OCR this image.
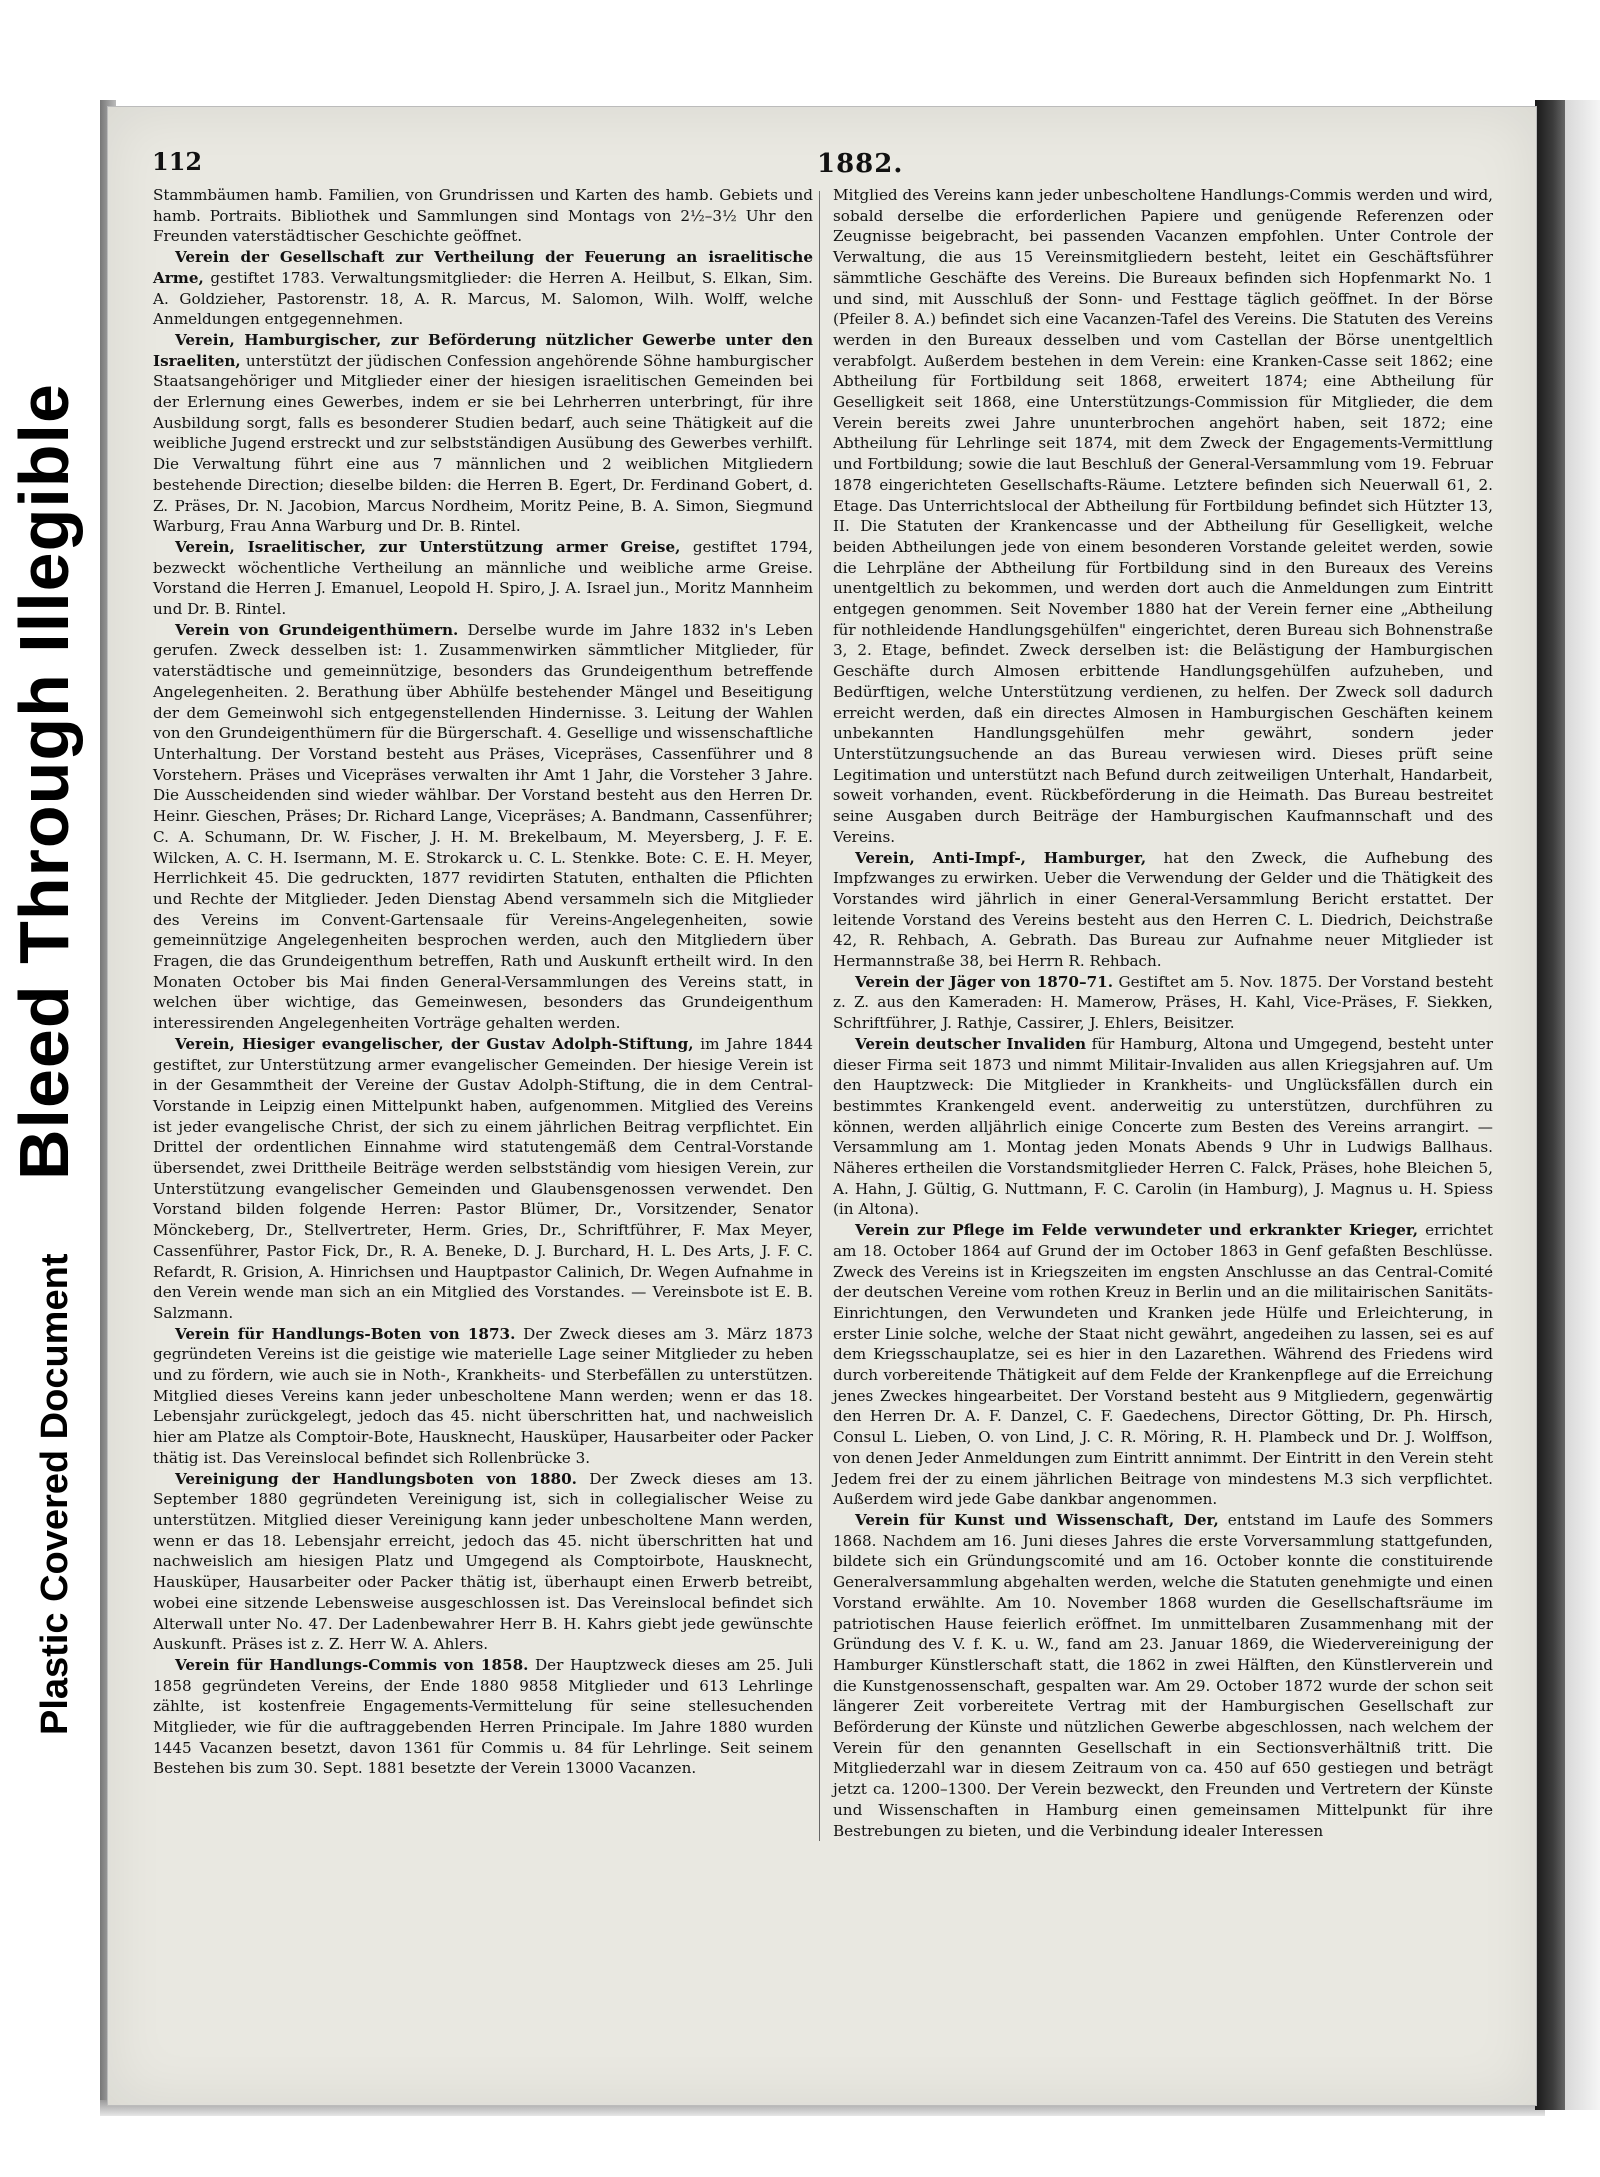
Bleed Through Illegible
Plastic Covered Document
112	1882.

Stammbäumen hamb. Familien, von Grundrissen und Karten des hamb. Gebiets und hamb. Portraits. Bibliothek und Sammlungen sind Montags von 2½–3½ Uhr den Freunden vaterstädtischer Geschichte geöffnet.

Verein der Gesellschaft zur Vertheilung der Feuerung an israelitische Arme, gestiftet 1783. Verwaltungsmitglieder: die Herren A. Heilbut, S. Elkan, Sim. A. Goldzieher, Pastorenstr. 18, A. R. Marcus, M. Salomon, Wilh. Wolff, welche Anmeldungen entgegennehmen.

Verein, Hamburgischer, zur Beförderung nützlicher Gewerbe unter den Israeliten, unterstützt der jüdischen Confession angehörende Söhne hamburgischer Staatsangehöriger und Mitglieder einer der hiesigen israelitischen Gemeinden bei der Erlernung eines Gewerbes, indem er sie bei Lehrherren unterbringt, für ihre Ausbildung sorgt, falls es besonderer Studien bedarf, auch seine Thätigkeit auf die weibliche Jugend erstreckt und zur selbstständigen Ausübung des Gewerbes verhilft. Die Verwaltung führt eine aus 7 männlichen und 2 weiblichen Mitgliedern bestehende Direction; dieselbe bilden: die Herren B. Egert, Dr. Ferdinand Gobert, d. Z. Präses, Dr. N. Jacobion, Marcus Nordheim, Moritz Peine, B. A. Simon, Siegmund Warburg, Frau Anna Warburg und Dr. B. Rintel.

Verein, Israelitischer, zur Unterstützung armer Greise, gestiftet 1794, bezweckt wöchentliche Vertheilung an männliche und weibliche arme Greise. Vorstand die Herren J. Emanuel, Leopold H. Spiro, J. A. Israel jun., Moritz Mannheim und Dr. B. Rintel.

Verein von Grundeigenthümern. Derselbe wurde im Jahre 1832 in's Leben gerufen. Zweck desselben ist: 1. Zusammenwirken sämmtlicher Mitglieder, für vaterstädtische und gemeinnützige, besonders das Grundeigenthum betreffende Angelegenheiten. 2. Berathung über Abhülfe bestehender Mängel und Beseitigung der dem Gemeinwohl sich entgegenstellenden Hindernisse. 3. Leitung der Wahlen von den Grundeigenthümern für die Bürgerschaft. 4. Gesellige und wissenschaftliche Unterhaltung. Der Vorstand besteht aus Präses, Vicepräses, Cassenführer und 8 Vorstehern. Präses und Vicepräses verwalten ihr Amt 1 Jahr, die Vorsteher 3 Jahre. Die Ausscheidenden sind wieder wählbar. Der Vorstand besteht aus den Herren Dr. Heinr. Gieschen, Präses; Dr. Richard Lange, Vicepräses; A. Bandmann, Cassenführer; C. A. Schumann, Dr. W. Fischer, J. H. M. Brekelbaum, M. Meyersberg, J. F. E. Wilcken, A. C. H. Isermann, M. E. Strokarck u. C. L. Stenkke. Bote: C. E. H. Meyer, Herrlichkeit 45. Die gedruckten, 1877 revidirten Statuten, enthalten die Pflichten und Rechte der Mitglieder. Jeden Dienstag Abend versammeln sich die Mitglieder des Vereins im Convent-Gartensaale für Vereins-Angelegenheiten, sowie gemeinnützige Angelegenheiten besprochen werden, auch den Mitgliedern über Fragen, die das Grundeigenthum betreffen, Rath und Auskunft ertheilt wird. In den Monaten October bis Mai finden General-Versammlungen des Vereins statt, in welchen über wichtige, das Gemeinwesen, besonders das Grundeigenthum interessirenden Angelegenheiten Vorträge gehalten werden.

Verein, Hiesiger evangelischer, der Gustav Adolph-Stiftung, im Jahre 1844 gestiftet, zur Unterstützung armer evangelischer Gemeinden. Der hiesige Verein ist in der Gesammtheit der Vereine der Gustav Adolph-Stiftung, die in dem Central-Vorstande in Leipzig einen Mittelpunkt haben, aufgenommen. Mitglied des Vereins ist jeder evangelische Christ, der sich zu einem jährlichen Beitrag verpflichtet. Ein Drittel der ordentlichen Einnahme wird statutengemäß dem Central-Vorstande übersendet, zwei Drittheile Beiträge werden selbstständig vom hiesigen Verein, zur Unterstützung evangelischer Gemeinden und Glaubensgenossen verwendet. Den Vorstand bilden folgende Herren: Pastor Blümer, Dr., Vorsitzender, Senator Mönckeberg, Dr., Stellvertreter, Herm. Gries, Dr., Schriftführer, F. Max Meyer, Cassenführer, Pastor Fick, Dr., R. A. Beneke, D. J. Burchard, H. L. Des Arts, J. F. C. Refardt, R. Grision, A. Hinrichsen und Hauptpastor Calinich, Dr. Wegen Aufnahme in den Verein wende man sich an ein Mitglied des Vorstandes. — Vereinsbote ist E. B. Salzmann.

Verein für Handlungs-Boten von 1873. Der Zweck dieses am 3. März 1873 gegründeten Vereins ist die geistige wie materielle Lage seiner Mitglieder zu heben und zu fördern, wie auch sie in Noth-, Krankheits- und Sterbefällen zu unterstützen. Mitglied dieses Vereins kann jeder unbescholtene Mann werden; wenn er das 18. Lebensjahr zurückgelegt, jedoch das 45. nicht überschritten hat, und nachweislich hier am Platze als Comptoir-Bote, Hausknecht, Hausküper, Hausarbeiter oder Packer thätig ist. Das Vereinslocal befindet sich Rollenbrücke 3.

Vereinigung der Handlungsboten von 1880. Der Zweck dieses am 13. September 1880 gegründeten Vereinigung ist, sich in collegialischer Weise zu unterstützen. Mitglied dieser Vereinigung kann jeder unbescholtene Mann werden, wenn er das 18. Lebensjahr erreicht, jedoch das 45. nicht überschritten hat und nachweislich am hiesigen Platz und Umgegend als Comptoirbote, Hausknecht, Hausküper, Hausarbeiter oder Packer thätig ist, überhaupt einen Erwerb betreibt, wobei eine sitzende Lebensweise ausgeschlossen ist. Das Vereinslocal befindet sich Alterwall unter No. 47. Der Ladenbewahrer Herr B. H. Kahrs giebt jede gewünschte Auskunft. Präses ist z. Z. Herr W. A. Ahlers.

Verein für Handlungs-Commis von 1858. Der Hauptzweck dieses am 25. Juli 1858 gegründeten Vereins, der Ende 1880 9858 Mitglieder und 613 Lehrlinge zählte, ist kostenfreie Engagements-Vermittelung für seine stellesuchenden Mitglieder, wie für die auftraggebenden Herren Principale. Im Jahre 1880 wurden 1445 Vacanzen besetzt, davon 1361 für Commis u. 84 für Lehrlinge. Seit seinem Bestehen bis zum 30. Sept. 1881 besetzte der Verein 13000 Vacanzen.

Mitglied des Vereins kann jeder unbescholtene Handlungs-Commis werden und wird, sobald derselbe die erforderlichen Papiere und genügende Referenzen oder Zeugnisse beigebracht, bei passenden Vacanzen empfohlen. Unter Controle der Verwaltung, die aus 15 Vereinsmitgliedern besteht, leitet ein Geschäftsführer sämmtliche Geschäfte des Vereins. Die Bureaux befinden sich Hopfenmarkt No. 1 und sind, mit Ausschluß der Sonn- und Festtage täglich geöffnet. In der Börse (Pfeiler 8. A.) befindet sich eine Vacanzen-Tafel des Vereins. Die Statuten des Vereins werden in den Bureaux desselben und vom Castellan der Börse unentgeltlich verabfolgt. Außerdem bestehen in dem Verein: eine Kranken-Casse seit 1862; eine Abtheilung für Fortbildung seit 1868, erweitert 1874; eine Abtheilung für Geselligkeit seit 1868, eine Unterstützungs-Commission für Mitglieder, die dem Verein bereits zwei Jahre ununterbrochen angehört haben, seit 1872; eine Abtheilung für Lehrlinge seit 1874, mit dem Zweck der Engagements-Vermittlung und Fortbildung; sowie die laut Beschluß der General-Versammlung vom 19. Februar 1878 eingerichteten Gesellschafts-Räume. Letztere befinden sich Neuerwall 61, 2. Etage. Das Unterrichtslocal der Abtheilung für Fortbildung befindet sich Hützter 13, II. Die Statuten der Krankencasse und der Abtheilung für Geselligkeit, welche beiden Abtheilungen jede von einem besonderen Vorstande geleitet werden, sowie die Lehrpläne der Abtheilung für Fortbildung sind in den Bureaux des Vereins unentgeltlich zu bekommen, und werden dort auch die Anmeldungen zum Eintritt entgegen genommen. Seit November 1880 hat der Verein ferner eine „Abtheilung für nothleidende Handlungsgehülfen" eingerichtet, deren Bureau sich Bohnenstraße 3, 2. Etage, befindet. Zweck derselben ist: die Belästigung der Hamburgischen Geschäfte durch Almosen erbittende Handlungsgehülfen aufzuheben, und Bedürftigen, welche Unterstützung verdienen, zu helfen. Der Zweck soll dadurch erreicht werden, daß ein directes Almosen in Hamburgischen Geschäften keinem unbekannten Handlungsgehülfen mehr gewährt, sondern jeder Unterstützungsuchende an das Bureau verwiesen wird. Dieses prüft seine Legitimation und unterstützt nach Befund durch zeitweiligen Unterhalt, Handarbeit, soweit vorhanden, event. Rückbeförderung in die Heimath. Das Bureau bestreitet seine Ausgaben durch Beiträge der Hamburgischen Kaufmannschaft und des Vereins.

Verein, Anti-Impf-, Hamburger, hat den Zweck, die Aufhebung des Impfzwanges zu erwirken. Ueber die Verwendung der Gelder und die Thätigkeit des Vorstandes wird jährlich in einer General-Versammlung Bericht erstattet. Der leitende Vorstand des Vereins besteht aus den Herren C. L. Diedrich, Deichstraße 42, R. Rehbach, A. Gebrath. Das Bureau zur Aufnahme neuer Mitglieder ist Hermannstraße 38, bei Herrn R. Rehbach.

Verein der Jäger von 1870–71. Gestiftet am 5. Nov. 1875. Der Vorstand besteht z. Z. aus den Kameraden: H. Mamerow, Präses, H. Kahl, Vice-Präses, F. Siekken, Schriftführer, J. Rathje, Cassirer, J. Ehlers, Beisitzer.

Verein deutscher Invaliden für Hamburg, Altona und Umgegend, besteht unter dieser Firma seit 1873 und nimmt Militair-Invaliden aus allen Kriegsjahren auf. Um den Hauptzweck: Die Mitglieder in Krankheits- und Unglücksfällen durch ein bestimmtes Krankengeld event. anderweitig zu unterstützen, durchführen zu können, werden alljährlich einige Concerte zum Besten des Vereins arrangirt. — Versammlung am 1. Montag jeden Monats Abends 9 Uhr in Ludwigs Ballhaus. Näheres ertheilen die Vorstandsmitglieder Herren C. Falck, Präses, hohe Bleichen 5, A. Hahn, J. Gültig, G. Nuttmann, F. C. Carolin (in Hamburg), J. Magnus u. H. Spiess (in Altona).

Verein zur Pflege im Felde verwundeter und erkrankter Krieger, errichtet am 18. October 1864 auf Grund der im October 1863 in Genf gefaßten Beschlüsse. Zweck des Vereins ist in Kriegszeiten im engsten Anschlusse an das Central-Comité der deutschen Vereine vom rothen Kreuz in Berlin und an die militairischen Sanitäts-Einrichtungen, den Verwundeten und Kranken jede Hülfe und Erleichterung, in erster Linie solche, welche der Staat nicht gewährt, angedeihen zu lassen, sei es auf dem Kriegsschauplatze, sei es hier in den Lazarethen. Während des Friedens wird durch vorbereitende Thätigkeit auf dem Felde der Krankenpflege auf die Erreichung jenes Zweckes hingearbeitet. Der Vorstand besteht aus 9 Mitgliedern, gegenwärtig den Herren Dr. A. F. Danzel, C. F. Gaedechens, Director Götting, Dr. Ph. Hirsch, Consul L. Lieben, O. von Lind, J. C. R. Möring, R. H. Plambeck und Dr. J. Wolffson, von denen Jeder Anmeldungen zum Eintritt annimmt. Der Eintritt in den Verein steht Jedem frei der zu einem jährlichen Beitrage von mindestens M.3 sich verpflichtet. Außerdem wird jede Gabe dankbar angenommen.

Verein für Kunst und Wissenschaft, Der, entstand im Laufe des Sommers 1868. Nachdem am 16. Juni dieses Jahres die erste Vorversammlung stattgefunden, bildete sich ein Gründungscomité und am 16. October konnte die constituirende Generalversammlung abgehalten werden, welche die Statuten genehmigte und einen Vorstand erwählte. Am 10. November 1868 wurden die Gesellschaftsräume im patriotischen Hause feierlich eröffnet. Im unmittelbaren Zusammenhang mit der Gründung des V. f. K. u. W., fand am 23. Januar 1869, die Wiedervereinigung der Hamburger Künstlerschaft statt, die 1862 in zwei Hälften, den Künstlerverein und die Kunstgenossenschaft, gespalten war. Am 29. October 1872 wurde der schon seit längerer Zeit vorbereitete Vertrag mit der Hamburgischen Gesellschaft zur Beförderung der Künste und nützlichen Gewerbe abgeschlossen, nach welchem der Verein für den genannten Gesellschaft in ein Sectionsverhältniß tritt. Die Mitgliederzahl war in diesem Zeitraum von ca. 450 auf 650 gestiegen und beträgt jetzt ca. 1200–1300. Der Verein bezweckt, den Freunden und Vertretern der Künste und Wissenschaften in Hamburg einen gemeinsamen Mittelpunkt für ihre Bestrebungen zu bieten, und die Verbindung idealer Interessen
